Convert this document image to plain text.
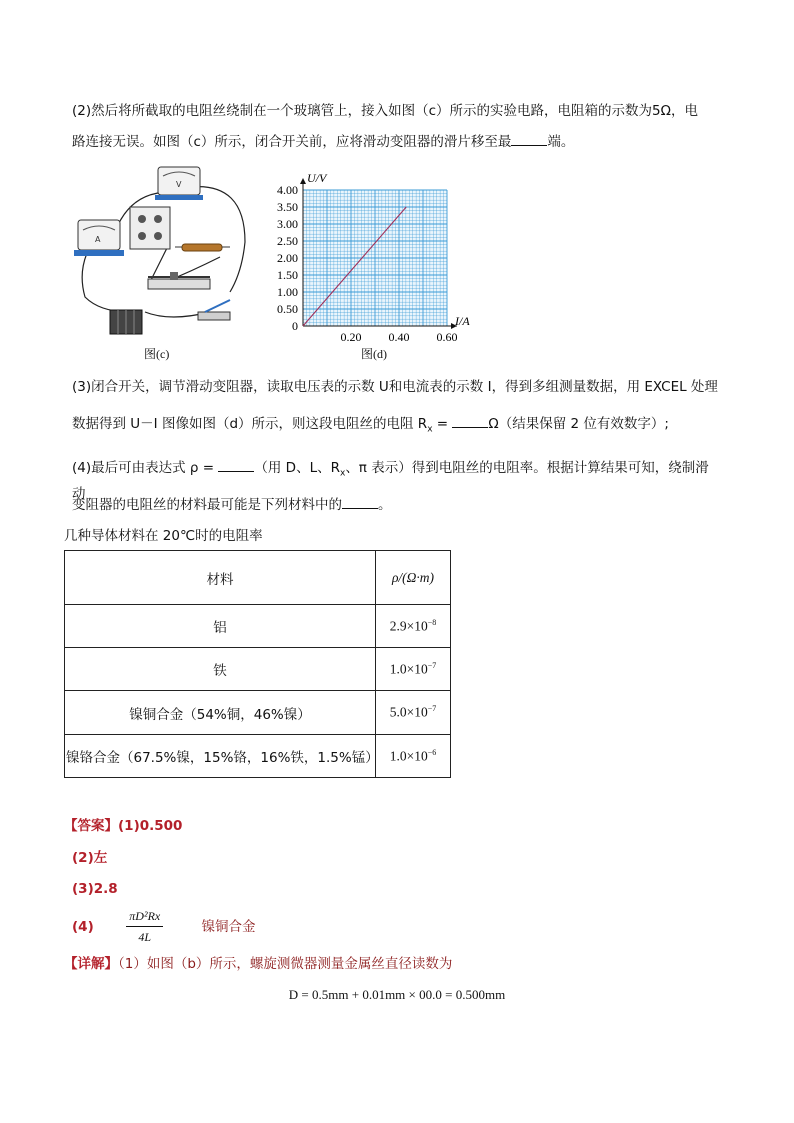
(2)然后将所截取的电阻丝绕制在一个玻璃管上，接入如图（c）所示的实验电路，电阻箱的示数为5Ω，电
路连接无误。如图（c）所示，闭合开关前，应将滑动变阻器的滑片移至最	端。
V
A
图(c)
4.00
3.50
3.00
2.50
2.00
1.50
1.00
0.50
0
0.20 0.40 0.60
U/V
I/A
图(d)
(3)闭合开关，调节滑动变阻器，读取电压表的示数 U和电流表的示数 I，得到多组测量数据，用 EXCEL 处理
数据得到 U－I 图像如图（d）所示，则这段电阻丝的电阻 $R_x$ =	Ω（结果保留 2 位有效数字）;
(4)最后可由表达式 ρ =	（用 D、L、$R_x$、π 表示）得到电阻丝的电阻率。根据计算结果可知，绕制滑动
变阻器的电阻丝的材料最可能是下列材料中的	。
几种导体材料在 20℃时的电阻率
材料	ρ/(Ω·m)
铝	$2.9\times 10^{-8}$
铁	$1.0\times 10^{-7}$
镍铜合金（54%铜，46%镍）	$5.0\times 10^{-7}$
镍铬合金（67.5%镍，15%铬，16%铁，1.5%锰）	$1.0\times 10^{-6}$
【答案】(1)0.500
(2)左
(3)2.8
(4)	$\frac{\text{πD²Rx}}{4L}$	镍铜合金
【详解】（1）如图（b）所示，螺旋测微器测量金属丝直径读数为
D = 0.5mm + 0.01mm × 00.0 = 0.500mm
